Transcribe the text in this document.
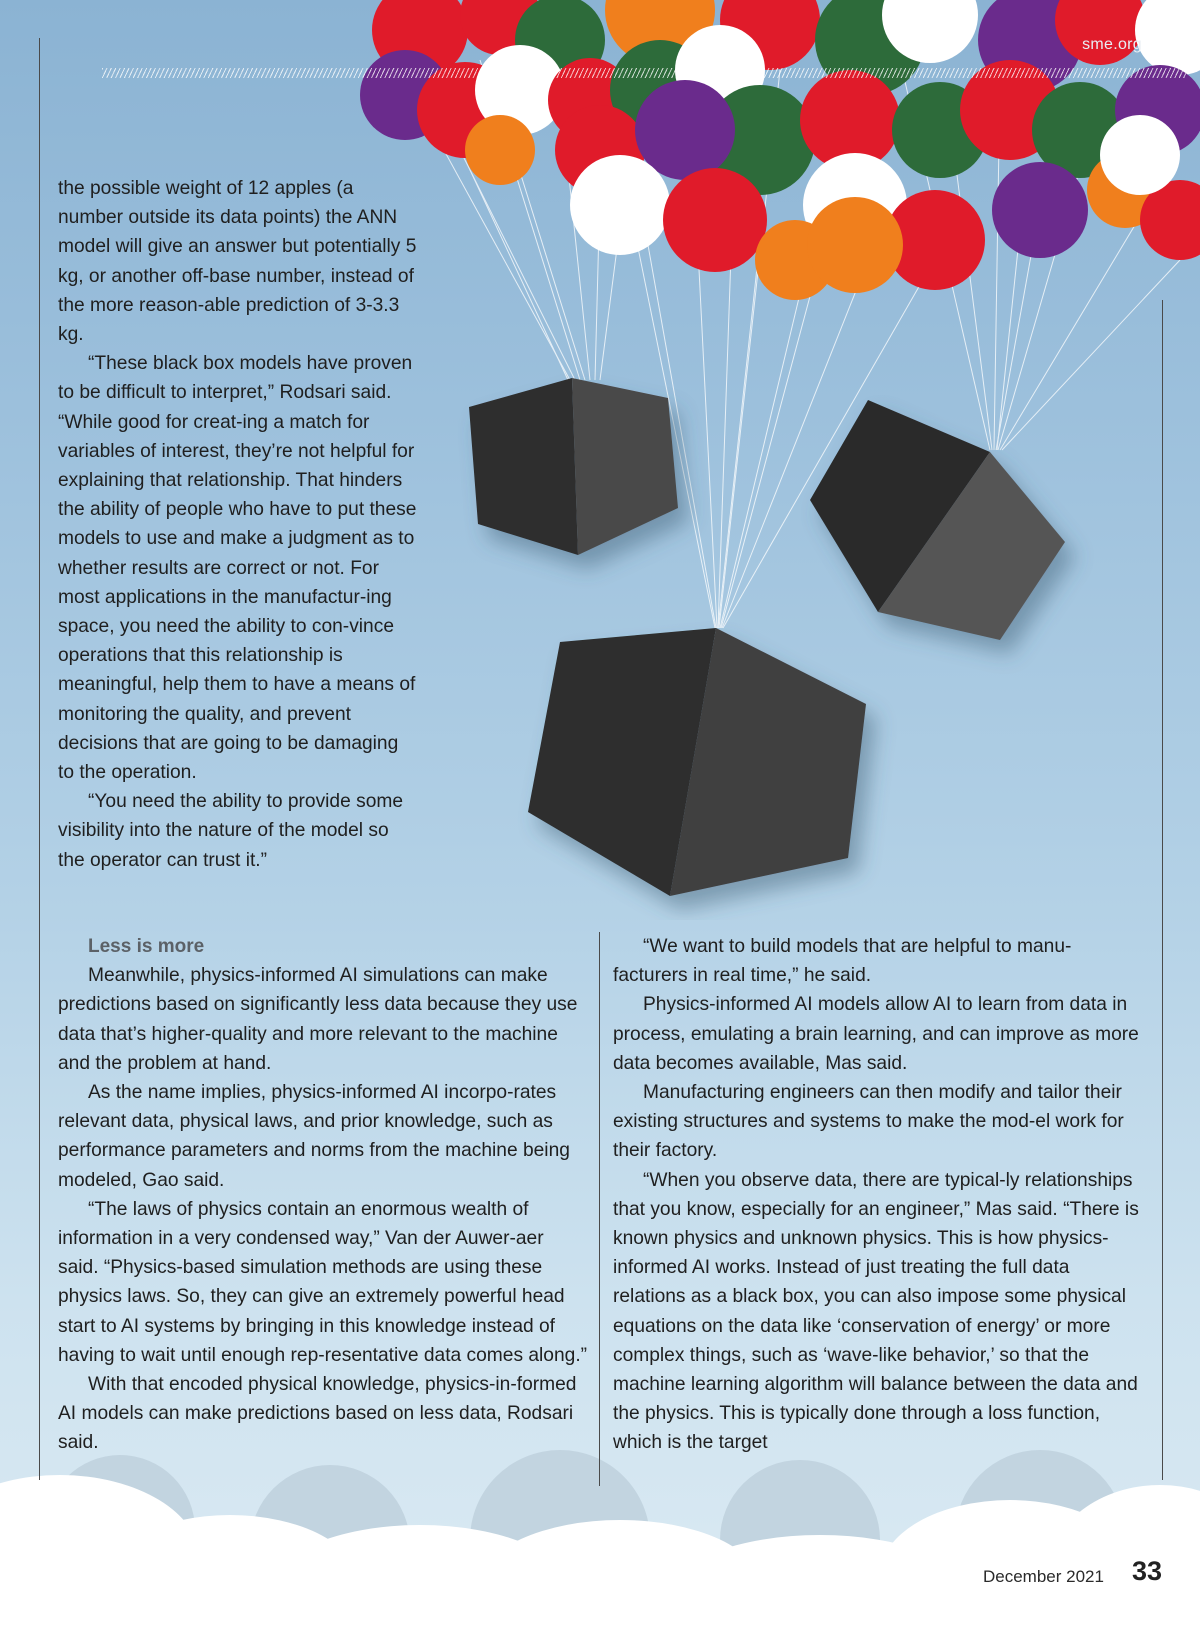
sme.org

the possible weight of 12 apples (a number outside its data points) the ANN model will give an answer but potentially 5 kg, or another off-base number, instead of the more reason-able prediction of 3-3.3 kg.

“These black box models have proven to be difficult to interpret,” Rodsari said. “While good for creat-ing a match for variables of interest, they’re not helpful for explaining that relationship. That hinders the ability of people who have to put these models to use and make a judgment as to whether results are correct or not. For most applications in the manufactur-ing space, you need the ability to con-vince operations that this relationship is meaningful, help them to have a means of monitoring the quality, and prevent decisions that are going to be damaging to the operation.

“You need the ability to provide some visibility into the nature of the model so the operator can trust it.”

Less is more

Meanwhile, physics-informed AI simulations can make predictions based on significantly less data because they use data that’s higher-quality and more relevant to the machine and the problem at hand.

As the name implies, physics-informed AI incorpo-rates relevant data, physical laws, and prior knowledge, such as performance parameters and norms from the machine being modeled, Gao said.

“The laws of physics contain an enormous wealth of information in a very condensed way,” Van der Auwer-aer said. “Physics-based simulation methods are using these physics laws. So, they can give an extremely powerful head start to AI systems by bringing in this knowledge instead of having to wait until enough rep-resentative data comes along.”

With that encoded physical knowledge, physics-in-formed AI models can make predictions based on less data, Rodsari said.

“We want to build models that are helpful to manu-facturers in real time,” he said.

Physics-informed AI models allow AI to learn from data in process, emulating a brain learning, and can improve as more data becomes available, Mas said.

Manufacturing engineers can then modify and tailor their existing structures and systems to make the mod-el work for their factory.

“When you observe data, there are typical-ly relationships that you know, especially for an engineer,” Mas said. “There is known physics and unknown physics. This is how physics-informed AI works. Instead of just treating the full data relations as a black box, you can also impose some physical equations on the data like ‘conservation of energy’ or more complex things, such as ‘wave-like behavior,’ so that the machine learning algorithm will balance between the data and the physics. This is typically done through a loss function, which is the target

December 2021 33
